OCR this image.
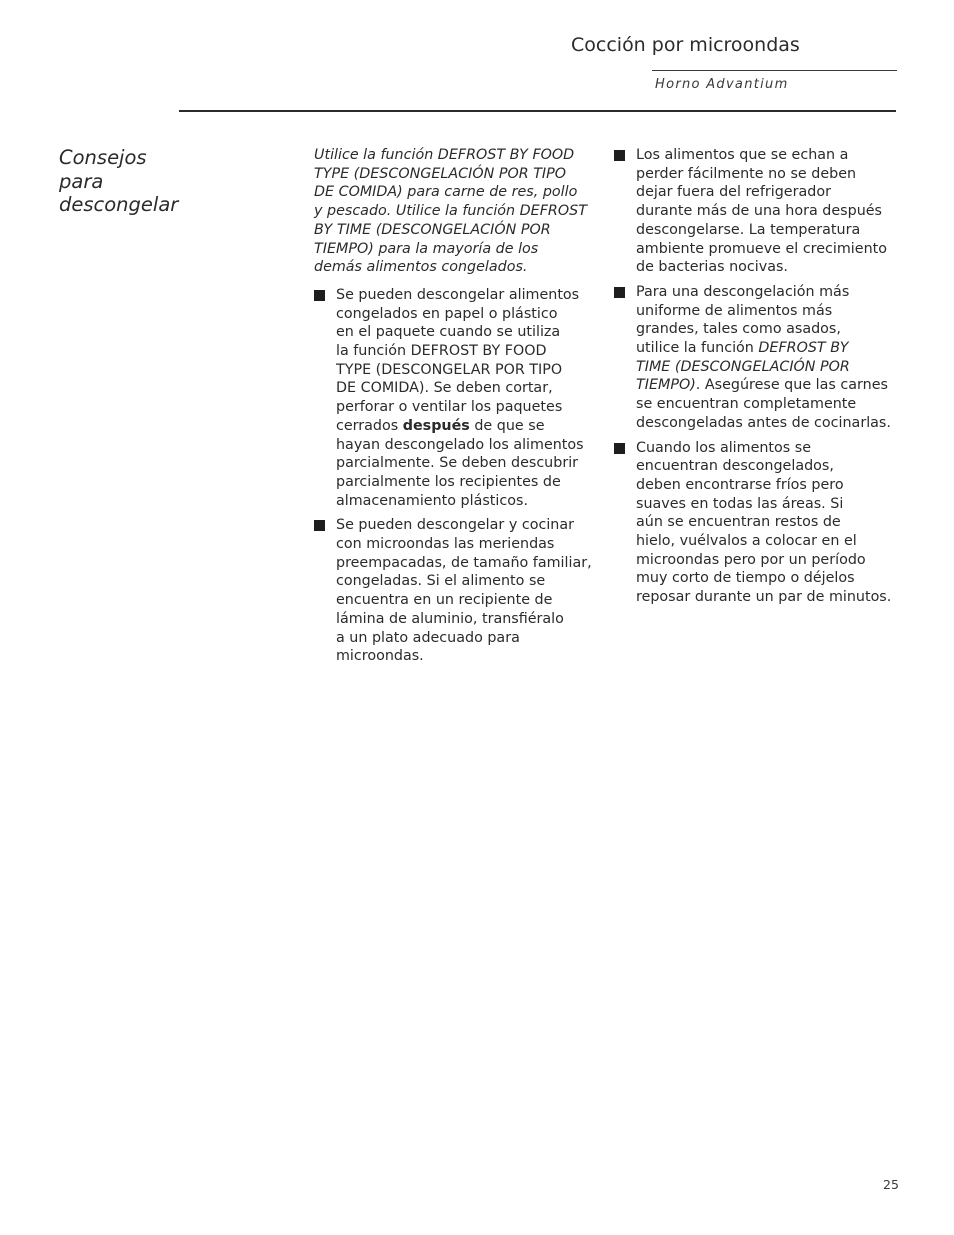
Cocción por microondas
Horno Advantium
Consejos
para
descongelar

Utilice la función DEFROST BY FOOD
TYPE (DESCONGELACIÓN POR TIPO
DE COMIDA) para carne de res, pollo
y pescado. Utilice la función DEFROST
BY TIME (DESCONGELACIÓN POR
TIEMPO) para la mayoría de los
demás alimentos congelados.

Se pueden descongelar alimentos
congelados en papel o plástico
en el paquete cuando se utiliza
la función DEFROST BY FOOD
TYPE (DESCONGELAR POR TIPO
DE COMIDA). Se deben cortar,
perforar o ventilar los paquetes
cerrados después de que se
hayan descongelado los alimentos
parcialmente. Se deben descubrir
parcialmente los recipientes de
almacenamiento plásticos.
Se pueden descongelar y cocinar
con microondas las meriendas
preempacadas, de tamaño familiar,
congeladas. Si el alimento se
encuentra en un recipiente de
lámina de aluminio, transfiéralo
a un plato adecuado para
microondas.
Los alimentos que se echan a
perder fácilmente no se deben
dejar fuera del refrigerador
durante más de una hora después
descongelarse. La temperatura
ambiente promueve el crecimiento
de bacterias nocivas.
Para una descongelación más
uniforme de alimentos más
grandes, tales como asados,
utilice la función DEFROST BY
TIME (DESCONGELACIÓN POR
TIEMPO). Asegúrese que las carnes
se encuentran completamente
descongeladas antes de cocinarlas.
Cuando los alimentos se
encuentran descongelados,
deben encontrarse fríos pero
suaves en todas las áreas. Si
aún se encuentran restos de
hielo, vuélvalos a colocar en el
microondas pero por un período
muy corto de tiempo o déjelos
reposar durante un par de minutos.
25
